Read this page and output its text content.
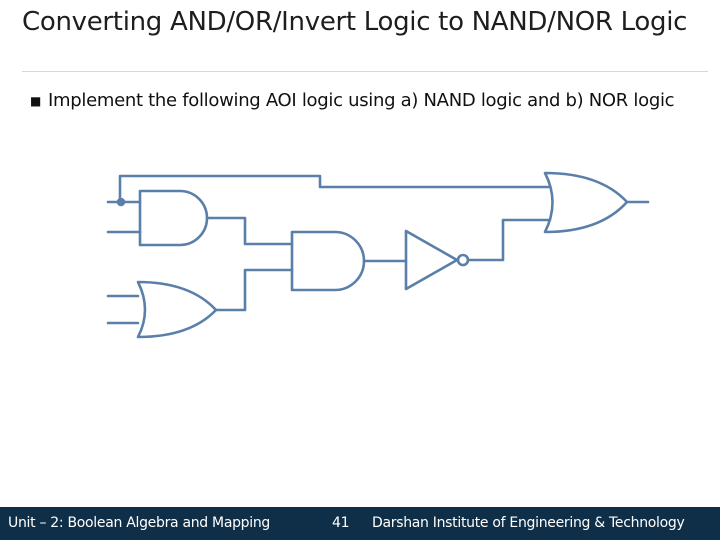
Converting AND/OR/Invert Logic to NAND/NOR Logic
■ Implement the following AOI logic using a) NAND logic and b) NOR logic
Unit – 2: Boolean Algebra and Mapping	41 Darshan Institute of Engineering & Technology
